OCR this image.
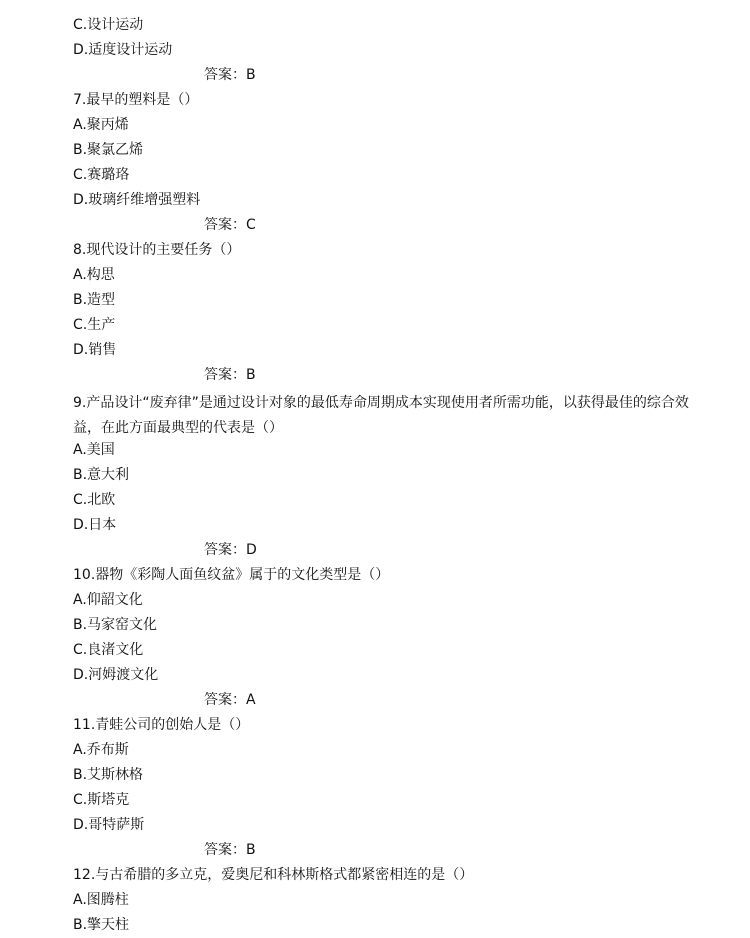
C.设计运动
D.适度设计运动
答案：B
7.最早的塑料是（）
A.聚丙烯
B.聚氯乙烯
C.赛璐珞
D.玻璃纤维增强塑料
答案：C
8.现代设计的主要任务（）
A.构思
B.造型
C.生产
D.销售
答案：B
9.产品设计“废弃律”是通过设计对象的最低寿命周期成本实现使用者所需功能，以获得最佳的综合效益，在此方面最典型的代表是（）
A.美国
B.意大利
C.北欧
D.日本
答案：D
10.器物《彩陶人面鱼纹盆》属于的文化类型是（）
A.仰韶文化
B.马家窑文化
C.良渚文化
D.河姆渡文化
答案：A
11.青蛙公司的创始人是（）
A.乔布斯
B.艾斯林格
C.斯塔克
D.哥特萨斯
答案：B
12.与古希腊的多立克，爱奥尼和科林斯格式都紧密相连的是（）
A.图腾柱
B.擎天柱
